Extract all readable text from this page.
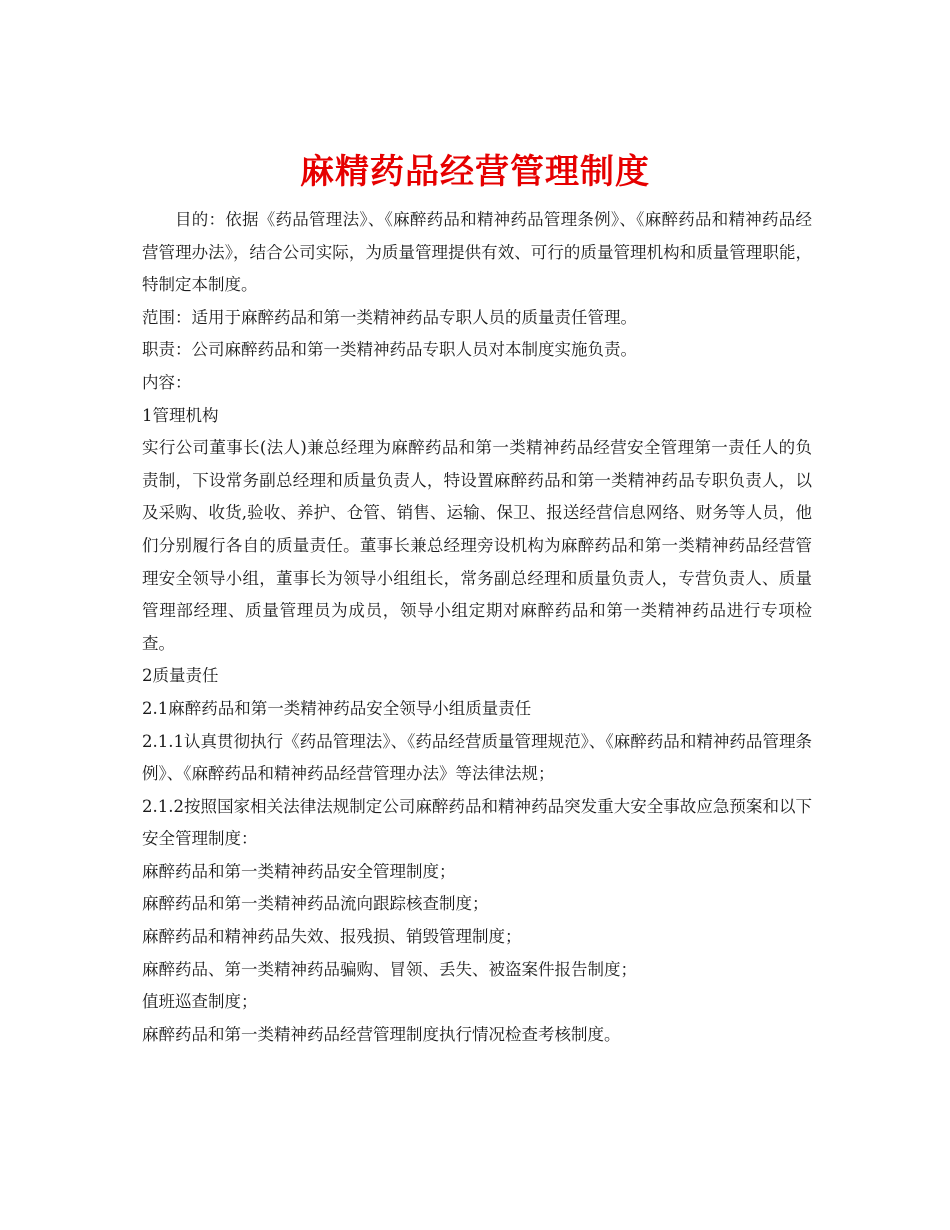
麻精药品经营管理制度

目的：依据《药品管理法》、《麻醉药品和精神药品管理条例》、《麻醉药品和精神药品经营管理办法》，结合公司实际，为质量管理提供有效、可行的质量管理机构和质量管理职能，特制定本制度。

范围：适用于麻醉药品和第一类精神药品专职人员的质量责任管理。

职责：公司麻醉药品和第一类精神药品专职人员对本制度实施负责。

内容：

1管理机构

实行公司董事长(法人)兼总经理为麻醉药品和第一类精神药品经营安全管理第一责任人的负责制，下设常务副总经理和质量负责人，特设置麻醉药品和第一类精神药品专职负责人，以及采购、收货,验收、养护、仓管、销售、运输、保卫、报送经营信息网络、财务等人员，他们分别履行各自的质量责任。董事长兼总经理旁设机构为麻醉药品和第一类精神药品经营管理安全领导小组，董事长为领导小组组长，常务副总经理和质量负责人，专营负责人、质量管理部经理、质量管理员为成员，领导小组定期对麻醉药品和第一类精神药品进行专项检查。

2质量责任

2.1麻醉药品和第一类精神药品安全领导小组质量责任

2.1.1认真贯彻执行《药品管理法》、《药品经营质量管理规范》、《麻醉药品和精神药品管理条例》、《麻醉药品和精神药品经营管理办法》等法律法规；

2.1.2按照国家相关法律法规制定公司麻醉药品和精神药品突发重大安全事故应急预案和以下安全管理制度：

麻醉药品和第一类精神药品安全管理制度；

麻醉药品和第一类精神药品流向跟踪核查制度；

麻醉药品和精神药品失效、报残损、销毁管理制度；

麻醉药品、第一类精神药品骗购、冒领、丢失、被盗案件报告制度；

值班巡查制度；

麻醉药品和第一类精神药品经营管理制度执行情况检查考核制度。
